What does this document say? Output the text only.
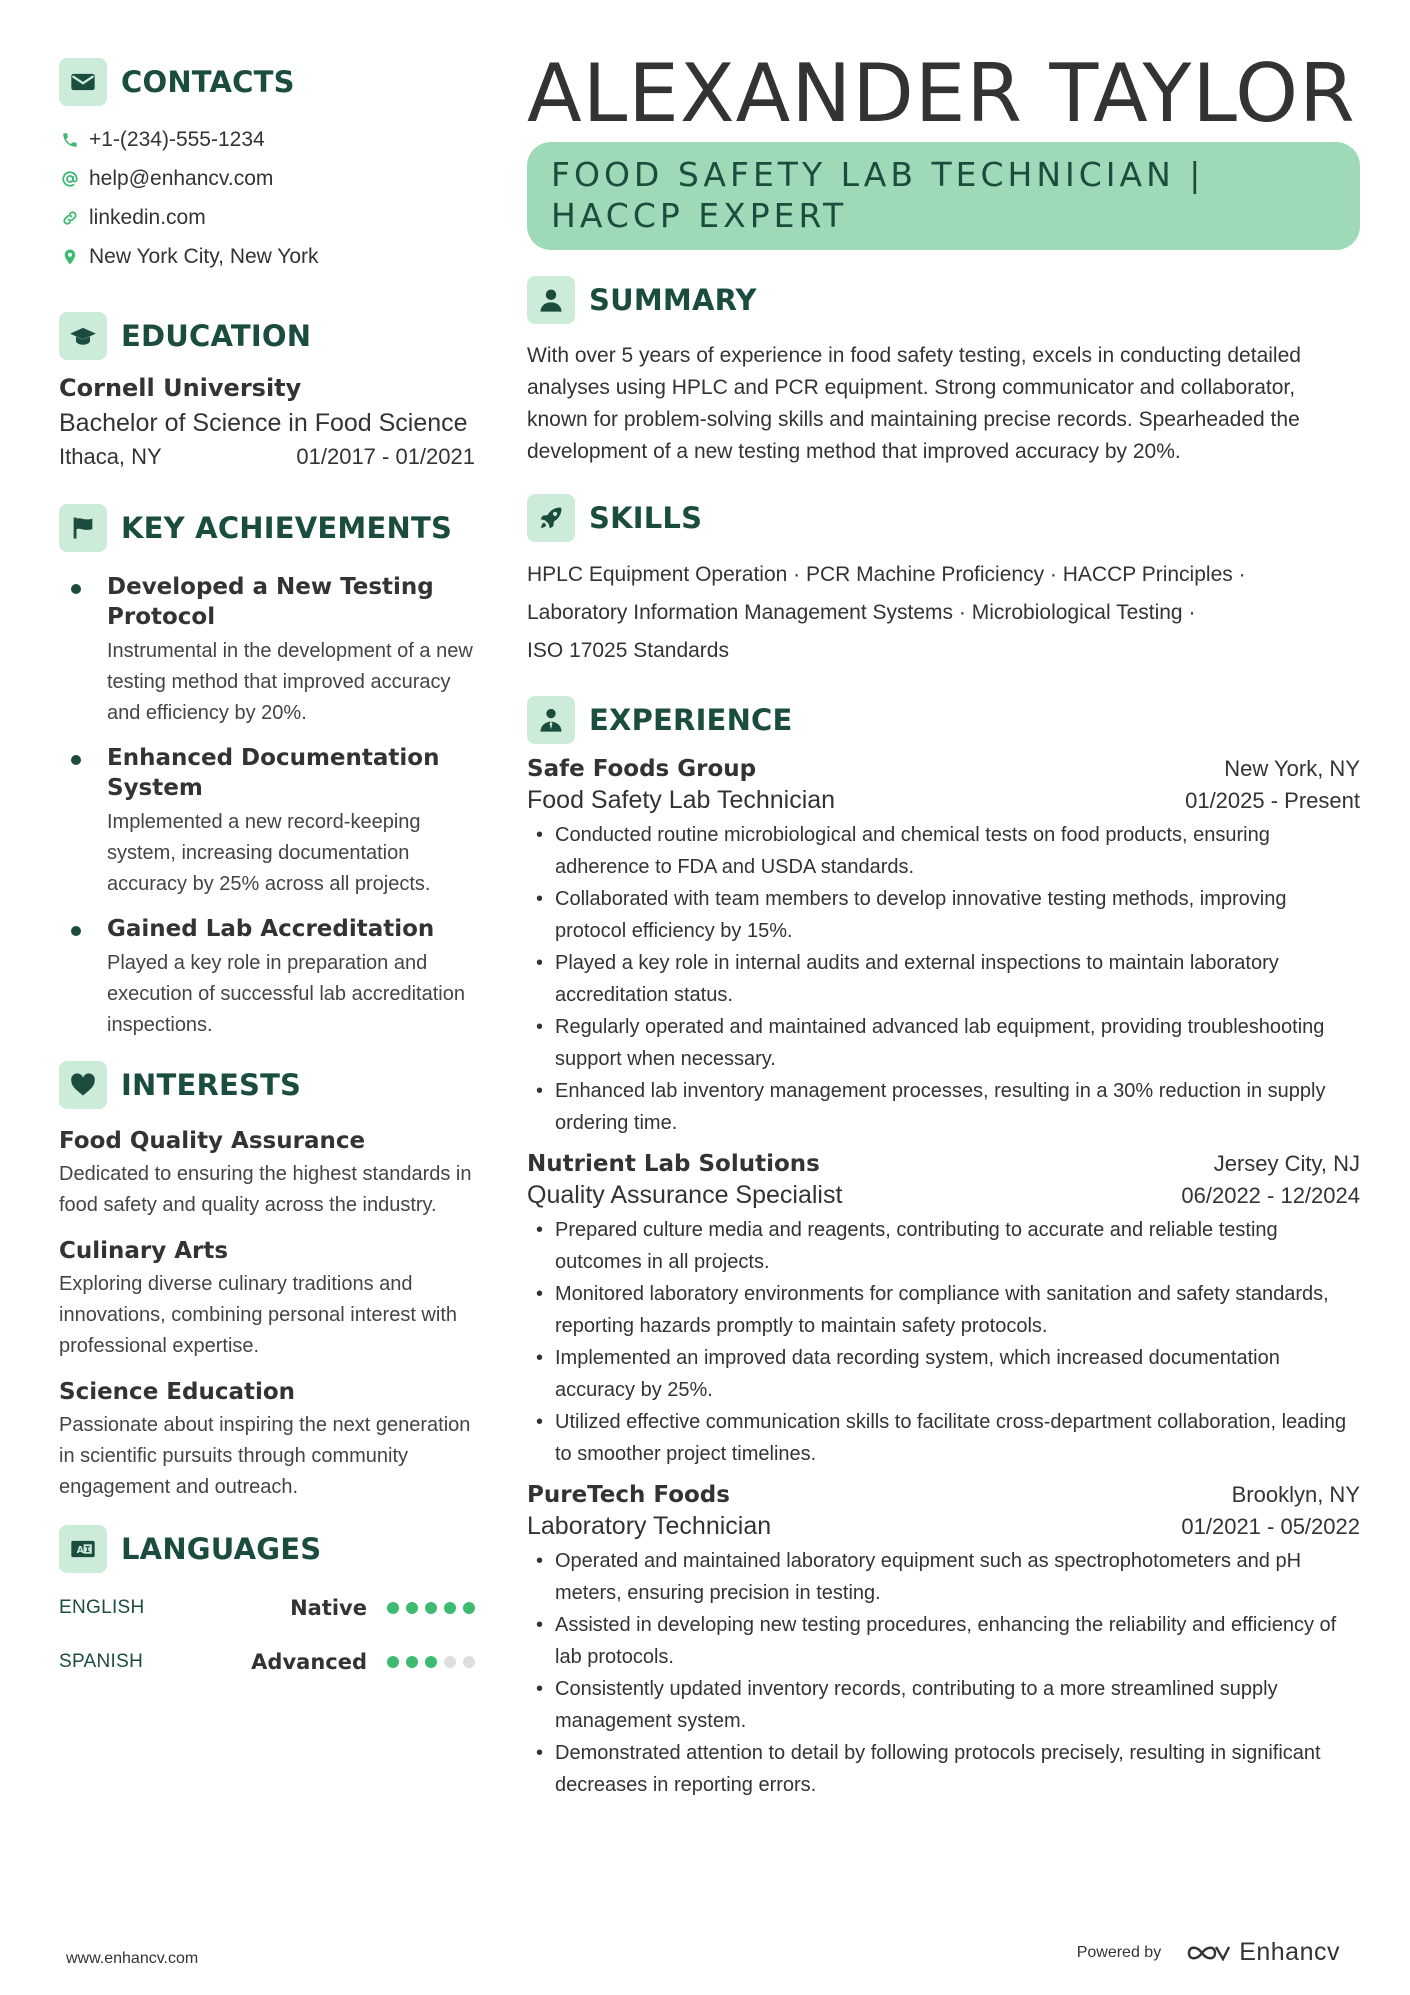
CONTACTS
+1-(234)-555-1234
help@enhancv.com
linkedin.com
New York City, New York
EDUCATION
Cornell University
Bachelor of Science in Food Science
Ithaca, NY	01/2017 - 01/2021
KEY ACHIEVEMENTS
Developed a New Testing Protocol
Instrumental in the development of a new testing method that improved accuracy and efficiency by 20%.
Enhanced Documentation System
Implemented a new record-keeping system, increasing documentation accuracy by 25% across all projects.
Gained Lab Accreditation
Played a key role in preparation and execution of successful lab accreditation inspections.
INTERESTS
Food Quality Assurance
Dedicated to ensuring the highest standards in food safety and quality across the industry.
Culinary Arts
Exploring diverse culinary traditions and innovations, combining personal interest with professional expertise.
Science Education
Passionate about inspiring the next generation in scientific pursuits through community engagement and outreach.
A LANGUAGES
ENGLISH	Native
SPANISH	Advanced
ALEXANDER TAYLOR
FOOD SAFETY LAB TECHNICIAN | HACCP EXPERT
SUMMARY
With over 5 years of experience in food safety testing, excels in conducting detailed analyses using HPLC and PCR equipment. Strong communicator and collaborator, known for problem-solving skills and maintaining precise records. Spearheaded the development of a new testing method that improved accuracy by 20%.
SKILLS
HPLC Equipment Operation · PCR Machine Proficiency · HACCP Principles ·
Laboratory Information Management Systems · Microbiological Testing ·
ISO 17025 Standards
EXPERIENCE
Safe Foods Group	New York, NY
Food Safety Lab Technician	01/2025 - Present
• Conducted routine microbiological and chemical tests on food products, ensuring adherence to FDA and USDA standards.
• Collaborated with team members to develop innovative testing methods, improving protocol efficiency by 15%.
• Played a key role in internal audits and external inspections to maintain laboratory accreditation status.
• Regularly operated and maintained advanced lab equipment, providing troubleshooting support when necessary.
• Enhanced lab inventory management processes, resulting in a 30% reduction in supply ordering time.
Nutrient Lab Solutions	Jersey City, NJ
Quality Assurance Specialist	06/2022 - 12/2024
• Prepared culture media and reagents, contributing to accurate and reliable testing outcomes in all projects.
• Monitored laboratory environments for compliance with sanitation and safety standards, reporting hazards promptly to maintain safety protocols.
• Implemented an improved data recording system, which increased documentation accuracy by 25%.
• Utilized effective communication skills to facilitate cross-department collaboration, leading to smoother project timelines.
PureTech Foods	Brooklyn, NY
Laboratory Technician	01/2021 - 05/2022
• Operated and maintained laboratory equipment such as spectrophotometers and pH meters, ensuring precision in testing.
• Assisted in developing new testing procedures, enhancing the reliability and efficiency of lab protocols.
• Consistently updated inventory records, contributing to a more streamlined supply management system.
• Demonstrated attention to detail by following protocols precisely, resulting in significant decreases in reporting errors.
www.enhancv.com	Powered by	Enhancv
